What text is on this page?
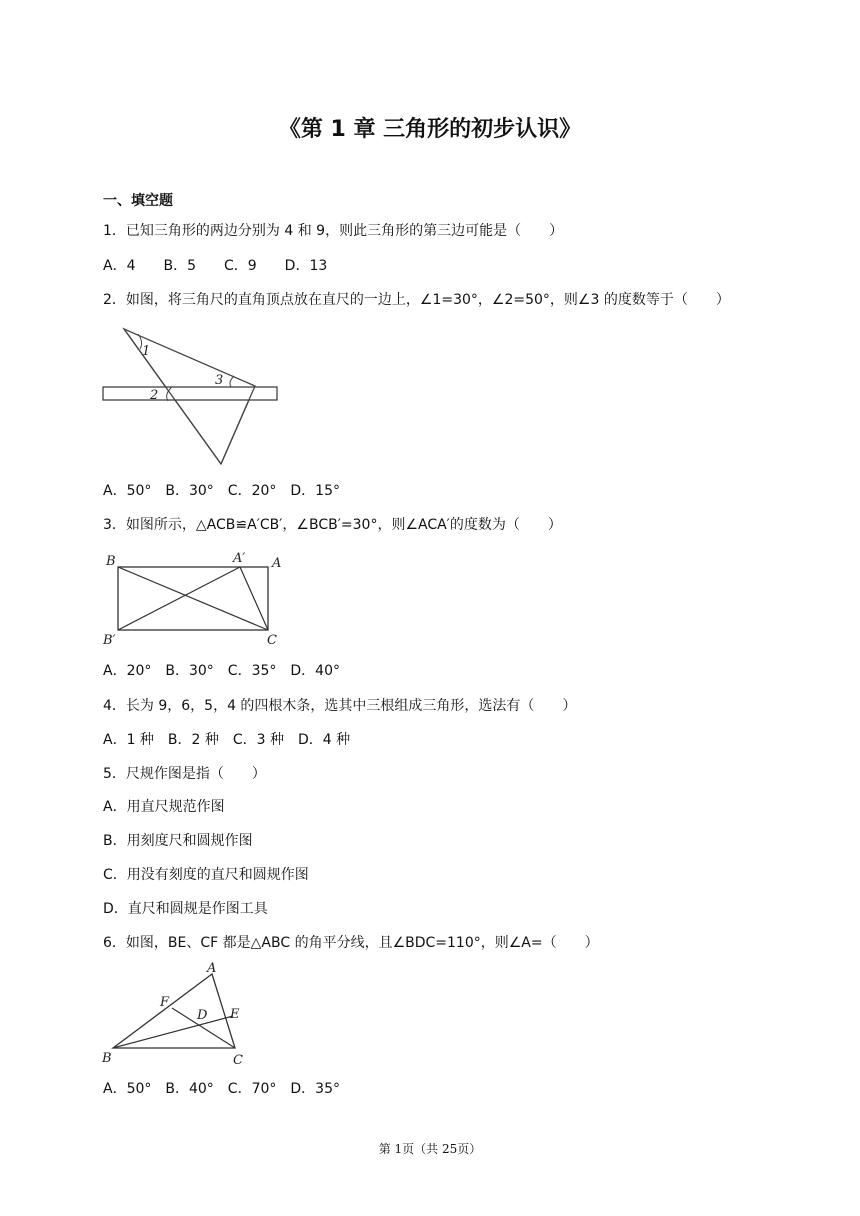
《第 1 章 三角形的初步认识》
一、填空题
1．已知三角形的两边分别为 4 和 9，则此三角形的第三边可能是（　　）
A．4　　B．5　　C．9　　D．13
2．如图，将三角尺的直角顶点放在直尺的一边上，∠1=30°，∠2=50°，则∠3 的度数等于（　　）
1
2
3
A．50°　B．30°　C．20°　D．15°
3．如图所示，△ACB≌A′CB′，∠BCB′=30°，则∠ACA′的度数为（　　）
B	A′ A
B′	C
A．20°　B．30°　C．35°　D．40°
4．长为 9，6，5，4 的四根木条，选其中三根组成三角形，选法有（　　）
A．1 种　B．2 种　C．3 种　D．4 种
5．尺规作图是指（　　）
A．用直尺规范作图
B．用刻度尺和圆规作图
C．用没有刻度的直尺和圆规作图
D．直尺和圆规是作图工具
6．如图，BE、CF 都是△ABC 的角平分线，且∠BDC=110°，则∠A=（　　）
A
F
D E
B	C
A．50°　B．40°　C．70°　D．35°
第 1页（共 25页）
